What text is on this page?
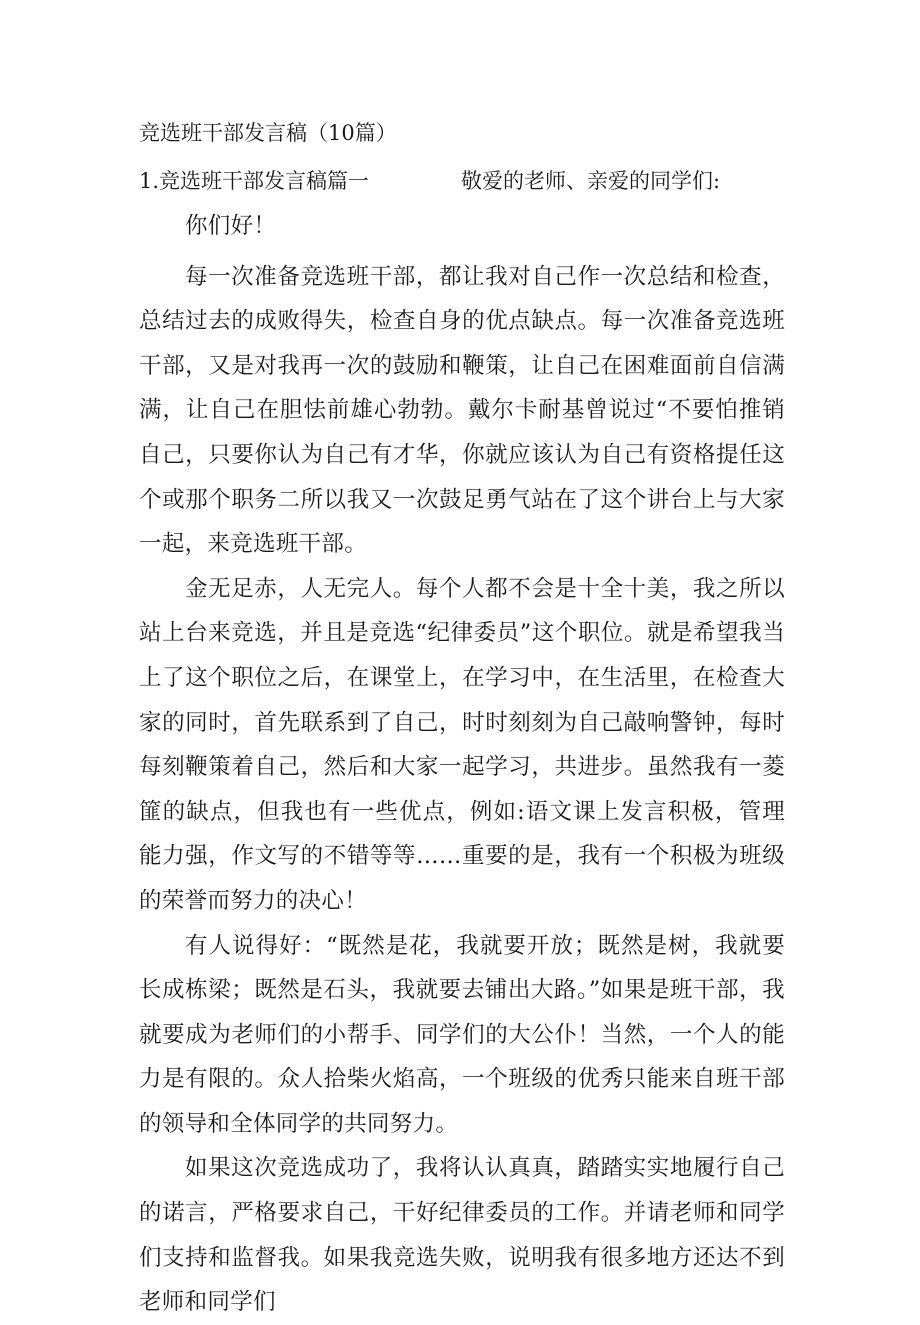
竞选班干部发言稿（10篇）
1.竞选班干部发言稿篇一	敬爱的老师、亲爱的同学们:

你们好！

每一次准备竞选班干部，都让我对自己作一次总结和检查，总结过去的成败得失，检查自身的优点缺点。每一次准备竞选班干部，又是对我再一次的鼓励和鞭策，让自己在困难面前自信满满，让自己在胆怯前雄心勃勃。戴尔卡耐基曾说过“不要怕推销自己，只要你认为自己有才华，你就应该认为自己有资格提任这个或那个职务二所以我又一次鼓足勇气站在了这个讲台上与大家一起，来竞选班干部。

金无足赤，人无完人。每个人都不会是十全十美，我之所以站上台来竞选，并且是竞选“纪律委员”这个职位。就是希望我当上了这个职位之后，在课堂上，在学习中，在生活里，在检查大家的同时，首先联系到了自己，时时刻刻为自己敲响警钟，每时每刻鞭策着自己，然后和大家一起学习，共进步。虽然我有一菱篚的缺点，但我也有一些优点，例如:语文课上发言积极，管理能力强，作文写的不错等等……重要的是，我有一个积极为班级的荣誉而努力的决心！

有人说得好：“既然是花，我就要开放；既然是树，我就要长成栋梁；既然是石头，我就要去铺出大路。”如果是班干部，我就要成为老师们的小帮手、同学们的大公仆！当然，一个人的能力是有限的。众人拾柴火焰高，一个班级的优秀只能来自班干部的领导和全体同学的共同努力。

如果这次竞选成功了，我将认认真真，踏踏实实地履行自己的诺言，严格要求自己，干好纪律委员的工作。并请老师和同学们支持和监督我。如果我竞选失败，说明我有很多地方还达不到老师和同学们
